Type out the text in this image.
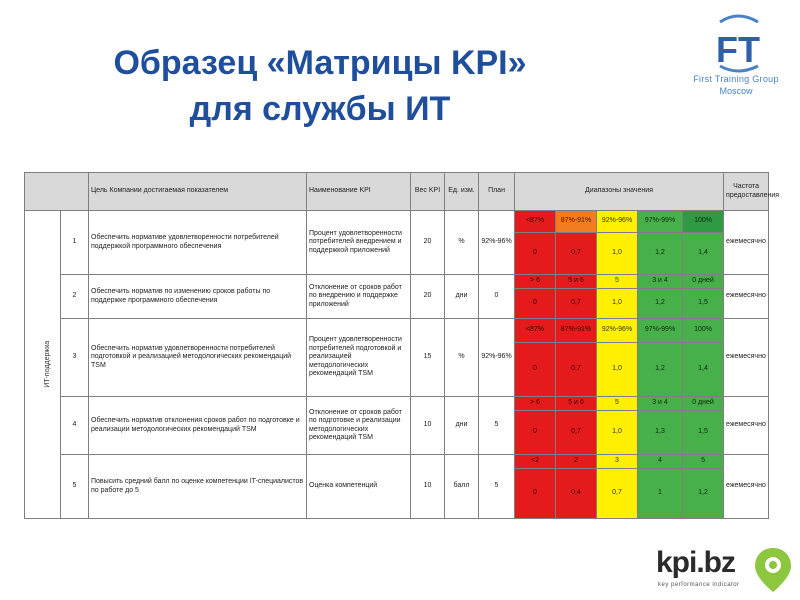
Образец «Матрицы KPI»
для службы ИТ
FT
First Training Group
Moscow
		Цель Компании достигаемая показателем	Наименование KPI	Вес KPI	Ед. изм.	План	Диапазоны значения					Частота предоставления
ИТ-поддержка	1	Обеспечить нормативе удовлетворенности потребителей поддержкой программного обеспечения	Процент удовлетворенности потребителей внедрением и поддержкой приложений	20	%	92%-96%	<87%	87%-91%	92%-96%	97%-99%	100%	ежемесячно
							0	0,7	1,0	1,2	1,4	
	2	Обеспечить норматив по изменению сроков работы по поддержке программного обеспечения	Отклонение от сроков работ по внедрению и поддержке приложений	20	дни	0	> 6	5 и 6	5	3 и 4	0 дней	ежемесячно
							0	0,7	1,0	1,2	1,5	
	3	Обеспечить норматив удовлетворенности потребителей подготовкой и реализацией методологических рекомендаций TSM	Процент удовлетворенности потребителей подготовкой и реализацией методологических рекомендаций TSM	15	%	92%-96%	<87%	87%-91%	92%-96%	97%-99%	100%	ежемесячно
							0	0,7	1,0	1,2	1,4	
	4	Обеспечить норматив отклонения сроков работ по подготовке и реализации методологических рекомендаций TSM	Отклонение от сроков работ по подготовке и реализации методологических рекомендаций TSM	10	дни	5	> 6	5 и 6	5	3 и 4	0 дней	ежемесячно
							0	0,7	1,0	1,3	1,5	
	5	Повысить средний балл по оценке компетенции IT-специалистов по работе до 5	Оценка компетенций	10	балл	5	<2	2	3	4	5	ежемесячно
							0	0,4	0,7	1	1,2	
kpi.bz
key performance indicator
